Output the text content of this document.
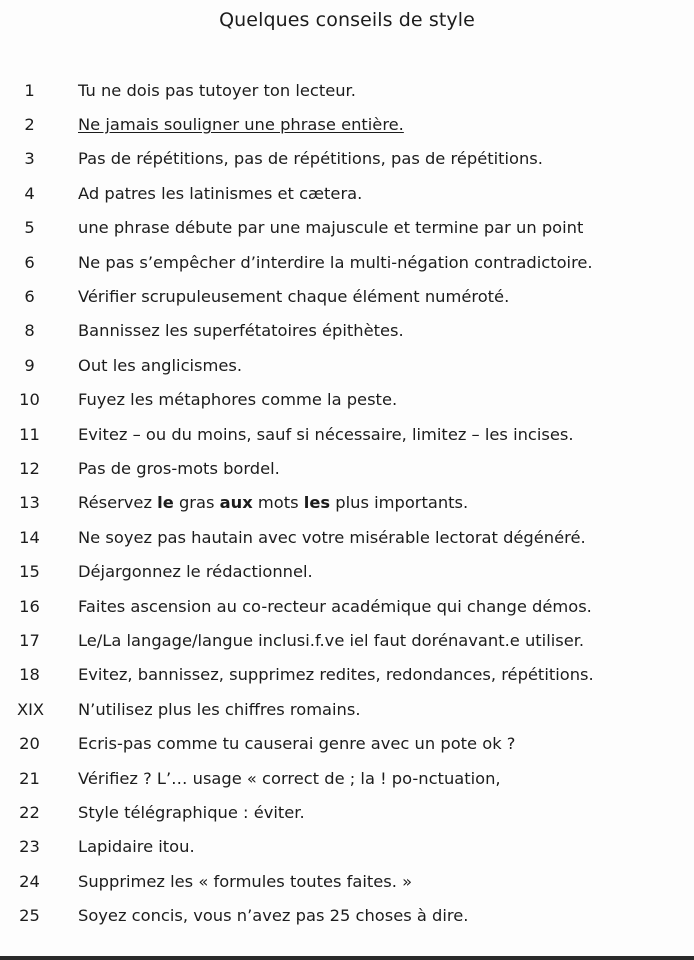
Quelques conseils de style
1	Tu ne dois pas tutoyer ton lecteur.
2	Ne jamais souligner une phrase entière.
3	Pas de répétitions, pas de répétitions, pas de répétitions.
4	Ad patres les latinismes et cætera.
5	une phrase débute par une majuscule et termine par un point
6	Ne pas s’empêcher d’interdire la multi-négation contradictoire.
6	Vérifier scrupuleusement chaque élément numéroté.
8	Bannissez les superfétatoires épithètes.
9	Out les anglicismes.
10	Fuyez les métaphores comme la peste.
11	Evitez – ou du moins, sauf si nécessaire, limitez – les incises.
12	Pas de gros-mots bordel.
13	Réservez le gras aux mots les plus importants.
14	Ne soyez pas hautain avec votre misérable lectorat dégénéré.
15	Déjargonnez le rédactionnel.
16	Faites ascension au co-recteur académique qui change démos.
17	Le/La langage/langue inclusi.f.ve iel faut dorénavant.e utiliser.
18	Evitez, bannissez, supprimez redites, redondances, répétitions.
XIX	N’utilisez plus les chiffres romains.
20	Ecris-pas comme tu causerai genre avec un pote ok ?
21	Vérifiez ? L’… usage « correct de ; la ! po-nctuation,
22	Style télégraphique : éviter.
23	Lapidaire itou.
24	Supprimez les « formules toutes faites. »
25	Soyez concis, vous n’avez pas 25 choses à dire.
